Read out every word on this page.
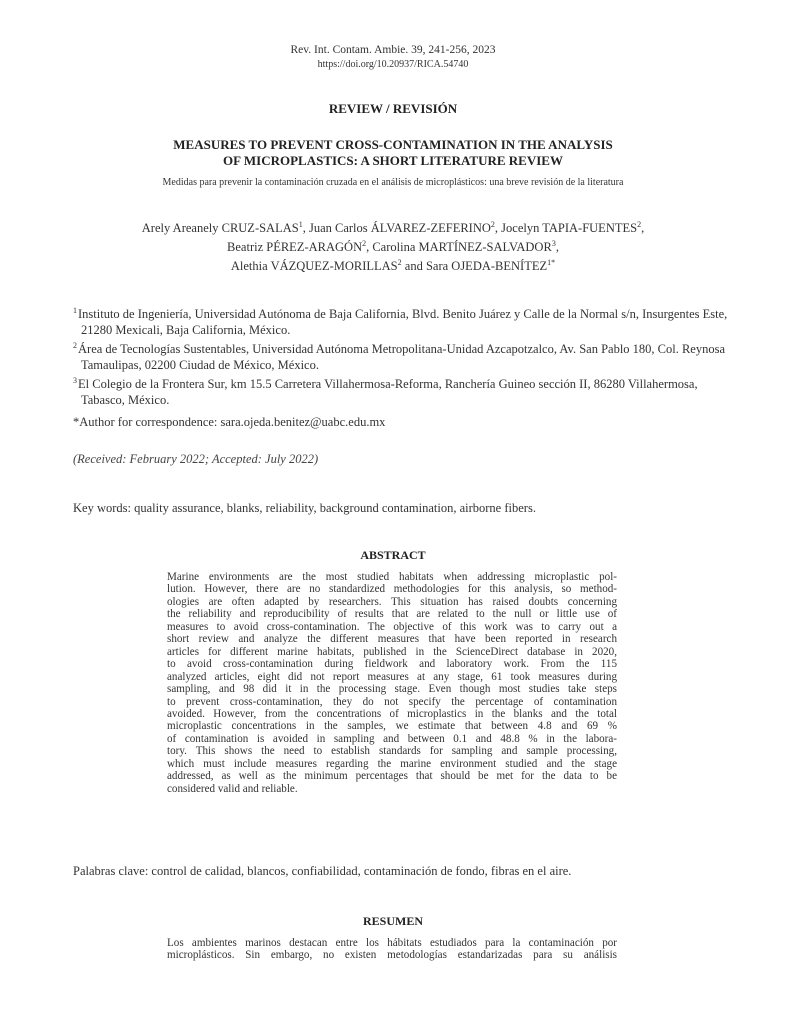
Rev. Int. Contam. Ambie. 39, 241-256, 2023
https://doi.org/10.20937/RICA.54740
REVIEW / REVISIÓN
MEASURES TO PREVENT CROSS-CONTAMINATION IN THE ANALYSIS
OF MICROPLASTICS: A SHORT LITERATURE REVIEW
Medidas para prevenir la contaminación cruzada en el análisis de microplásticos: una breve revisión de la literatura
Arely Areanely CRUZ-SALAS$^1$, Juan Carlos ÁLVAREZ-ZEFERINO$^2$, Jocelyn TAPIA-FUENTES$^2$,
Beatriz PÉREZ-ARAGÓN$^2$, Carolina MARTÍNEZ-SALVADOR$^3$,
Alethia VÁZQUEZ-MORILLAS$^2$ and Sara OJEDA-$BENÍTEZ^{1*}$
$^1$Instituto de Ingeniería, Universidad Autónoma de Baja California, Blvd. Benito Juárez y Calle de la Normal s/n, Insurgentes Este, 21280 Mexicali, Baja California, México.
$^2$Área de Tecnologías Sustentables, Universidad Autónoma Metropolitana-Unidad Azcapotzalco, Av. San Pablo 180, Col. Reynosa Tamaulipas, 02200 Ciudad de México, México.
$^3$El Colegio de la Frontera Sur, km 15.5 Carretera Villahermosa-Reforma, Ranchería Guineo sección II, 86280 Villahermosa, Tabasco, México.
*Author for correspondence: sara.ojeda.benitez@uabc.edu.mx
(Received: February 2022; Accepted: July 2022)
Key words: quality assurance, blanks, reliability, background contamination, airborne fibers.
ABSTRACT
Marine environments are the most studied habitats when addressing microplastic pol-
lution. However, there are no standardized methodologies for this analysis, so method-
ologies are often adapted by researchers. This situation has raised doubts concerning
the reliability and reproducibility of results that are related to the null or little use of
measures to avoid cross-contamination. The objective of this work was to carry out a
short review and analyze the different measures that have been reported in research
articles for different marine habitats, published in the ScienceDirect database in 2020,
to avoid cross-contamination during fieldwork and laboratory work. From the 115
analyzed articles, eight did not report measures at any stage, 61 took measures during
sampling, and 98 did it in the processing stage. Even though most studies take steps
to prevent cross-contamination, they do not specify the percentage of contamination
avoided. However, from the concentrations of microplastics in the blanks and the total
microplastic concentrations in the samples, we estimate that between 4.8 and 69 %
of contamination is avoided in sampling and between 0.1 and 48.8 % in the labora-
tory. This shows the need to establish standards for sampling and sample processing,
which must include measures regarding the marine environment studied and the stage
addressed, as well as the minimum percentages that should be met for the data to be
considered valid and reliable.
Palabras clave: control de calidad, blancos, confiabilidad, contaminación de fondo, fibras en el aire.
RESUMEN
Los ambientes marinos destacan entre los hábitats estudiados para la contaminación por
microplásticos. Sin embargo, no existen metodologías estandarizadas para su análisis
